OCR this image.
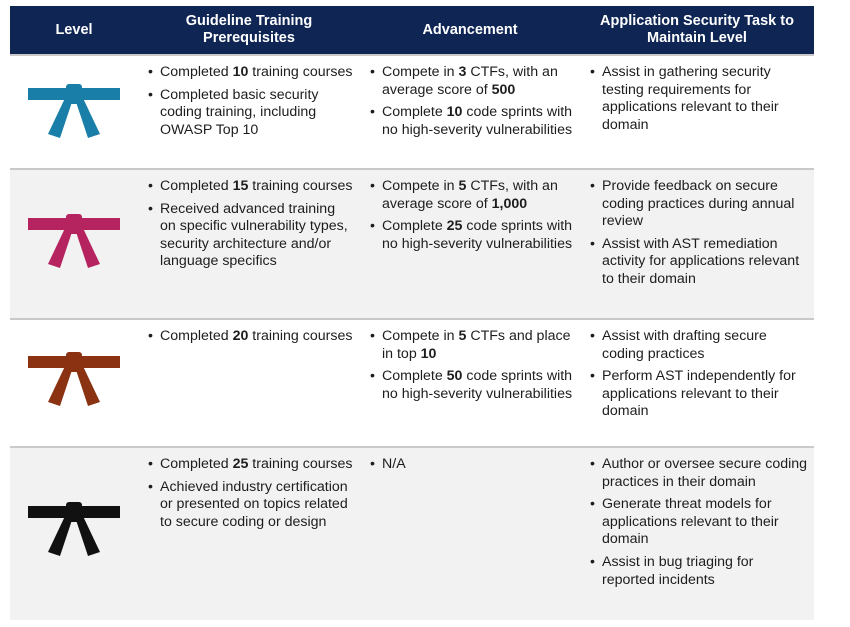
Level
Guideline Training Prerequisites
Advancement
Application Security Task to Maintain Level
• Completed 10 training courses
• Completed basic security coding training, including OWASP Top 10
• Compete in 3 CTFs, with an average score of 500
• Complete 10 code sprints with no high-severity vulnerabilities
• Assist in gathering security testing requirements for applications relevant to their domain
• Completed 15 training courses
• Received advanced training on specific vulnerability types, security architecture and/or language specifics
• Compete in 5 CTFs, with an average score of 1,000
• Complete 25 code sprints with no high-severity vulnerabilities
• Provide feedback on secure coding practices during annual review
• Assist with AST remediation activity for applications relevant to their domain
• Completed 20 training courses	• Compete in 5 CTFs and place in top 10
• Complete 50 code sprints with no high-severity vulnerabilities
• Assist with drafting secure coding practices
• Perform AST independently for applications relevant to their domain
• Completed 25 training courses
• Achieved industry certification or presented on topics related to secure coding or design
• N/A	• Author or oversee secure coding practices in their domain
• Generate threat models for applications relevant to their domain
• Assist in bug triaging for reported incidents
